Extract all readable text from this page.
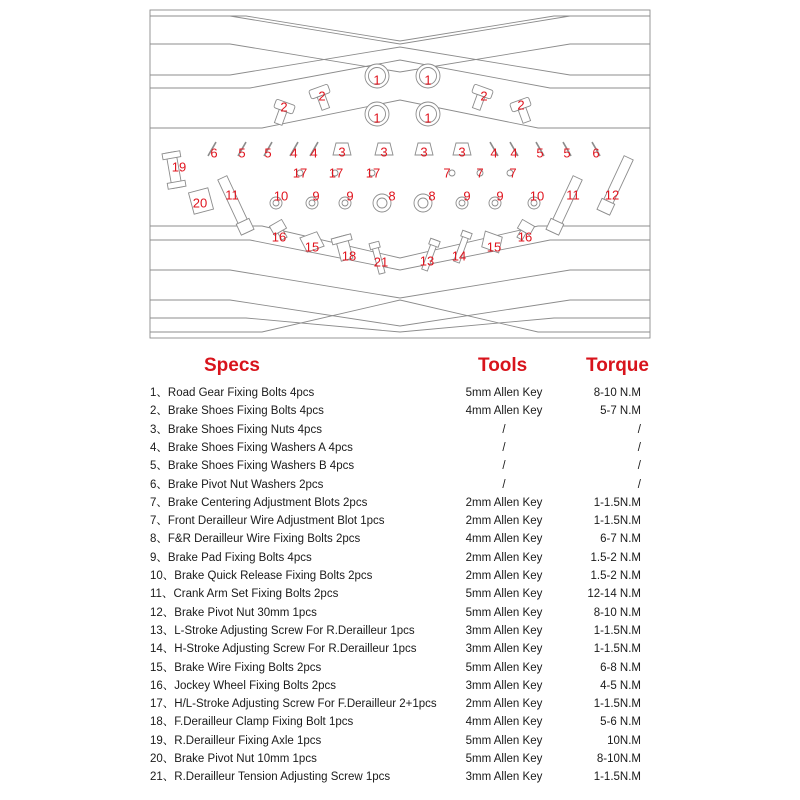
1	1
1	1
2
2	2
2
3	3	3 3
4 4	4 4
5 5	5 5
6	6
7 7 7
8	8
9 9	9 9
10	10
11	11 12
13 14
15	15
16	16
17 17 17
18
19
20
21
Specs	Tools	Torque
1、Road Gear Fixing Bolts 4pcs	5mm Allen Key	8-10 N.M
2、Brake Shoes Fixing Bolts 4pcs	4mm Allen Key	5-7 N.M
3、Brake Shoes Fixing Nuts 4pcs	/	/
4、Brake Shoes Fixing Washers A 4pcs	/	/
5、Brake Shoes Fixing Washers B 4pcs	/	/
6、Brake Pivot Nut Washers 2pcs	/	/
7、Brake Centering Adjustment Blots 2pcs	2mm Allen Key	1-1.5N.M
7、Front Derailleur Wire Adjustment Blot 1pcs	2mm Allen Key	1-1.5N.M
8、F&R Derailleur Wire Fixing Bolts 2pcs	4mm Allen Key	6-7 N.M
9、Brake Pad Fixing Bolts 4pcs	2mm Allen Key	1.5-2 N.M
10、Brake Quick Release Fixing Bolts 2pcs	2mm Allen Key	1.5-2 N.M
11、Crank Arm Set Fixing Bolts 2pcs	5mm Allen Key	12-14 N.M
12、Brake Pivot Nut 30mm 1pcs	5mm Allen Key	8-10 N.M
13、L-Stroke Adjusting Screw For R.Derailleur 1pcs	3mm Allen Key	1-1.5N.M
14、H-Stroke Adjusting Screw For R.Derailleur 1pcs	3mm Allen Key	1-1.5N.M
15、Brake Wire Fixing Bolts 2pcs	5mm Allen Key	6-8 N.M
16、Jockey Wheel Fixing Bolts 2pcs	3mm Allen Key	4-5 N.M
17、H/L-Stroke Adjusting Screw For F.Derailleur 2+1pcs	2mm Allen Key	1-1.5N.M
18、F.Derailleur Clamp Fixing Bolt 1pcs	4mm Allen Key	5-6 N.M
19、R.Derailleur Fixing Axle 1pcs	5mm Allen Key	10N.M
20、Brake Pivot Nut 10mm 1pcs	5mm Allen Key	8-10N.M
21、R.Derailleur Tension Adjusting Screw 1pcs	3mm Allen Key	1-1.5N.M
